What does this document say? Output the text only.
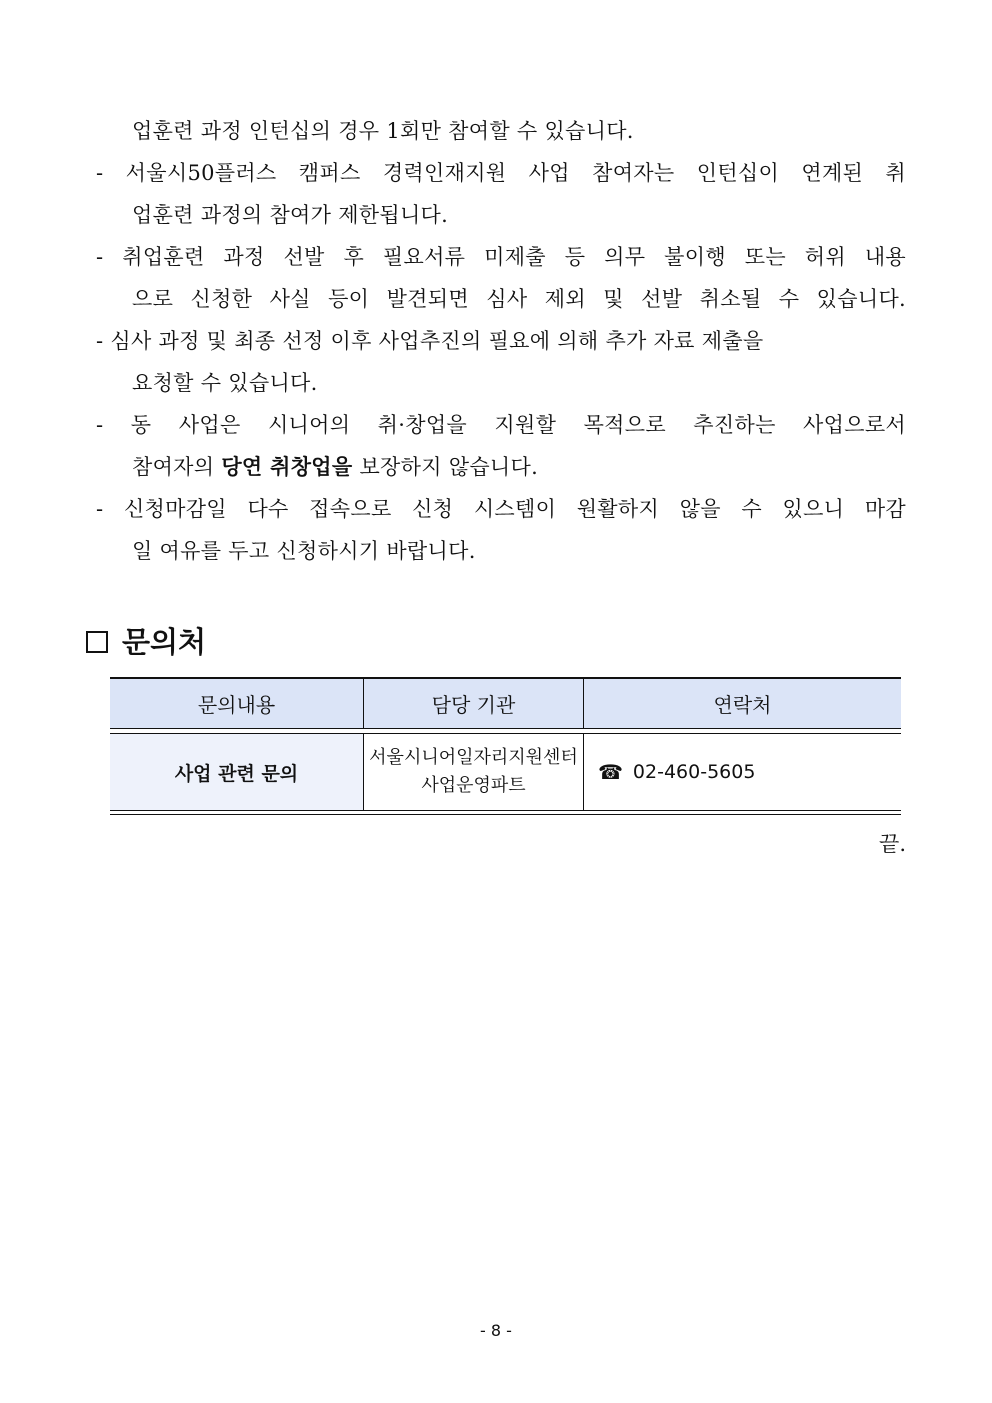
업훈련 과정 인턴십의 경우 1회만 참여할 수 있습니다.
- 서울시50플러스 캠퍼스 경력인재지원 사업 참여자는 인턴십이 연계된 취
업훈련 과정의 참여가 제한됩니다.
- 취업훈련 과정 선발 후 필요서류 미제출 등 의무 불이행 또는 허위 내용
으로 신청한 사실 등이 발견되면 심사 제외 및 선발 취소될 수 있습니다.
- 심사 과정 및 최종 선정 이후 사업추진의 필요에 의해 추가 자료 제출을
요청할 수 있습니다.
- 동 사업은 시니어의 취·창업을 지원할 목적으로 추진하는 사업으로서
참여자의 당연 취창업을 보장하지 않습니다.
- 신청마감일 다수 접속으로 신청 시스템이 원활하지 않을 수 있으니 마감
일 여유를 두고 신청하시기 바랍니다.
문의처
문의내용	담당 기관	연락처
사업 관련 문의
서울시니어일자리지원센터
사업운영파트
☎ 02-460-5605
끝.
- 8 -
